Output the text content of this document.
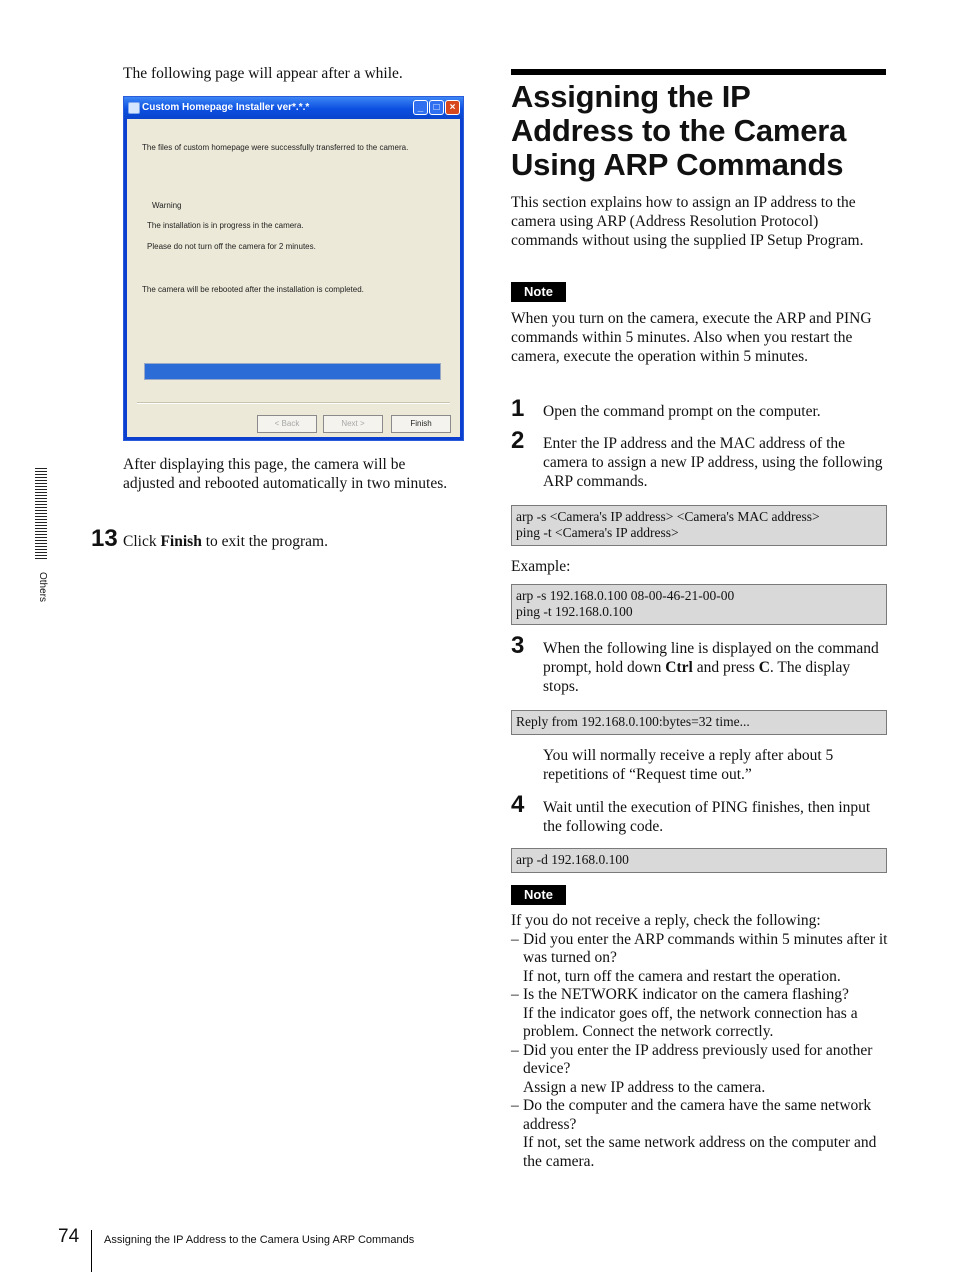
The following page will appear after a while.
Custom Homepage Installer ver*.*.*	_	□	×
The files of custom homepage were successfully transferred to the camera.
Warning
The installation is in progress in the camera.
Please do not turn off the camera for 2 minutes.
The camera will be rebooted after the installation is completed.
< Back	Next >	Finish
After displaying this page, the camera will be adjusted and rebooted automatically in two minutes.
13 Click Finish to exit the program.
Assigning the IP
Address to the Camera
Using ARP Commands
This section explains how to assign an IP address to the camera using ARP (Address Resolution Protocol) commands without using the supplied IP Setup Program.
Note
When you turn on the camera, execute the ARP and PING commands within 5 minutes. Also when you restart the camera, execute the operation within 5 minutes.
1 Open the command prompt on the computer.
2 Enter the IP address and the MAC address of the camera to assign a new IP address, using the following ARP commands.
arp -s <Camera's IP address> <Camera's MAC address>
ping -t <Camera's IP address>
Example:
arp -s 192.168.0.100 08-00-46-21-00-00
ping -t 192.168.0.100
3 When the following line is displayed on the command prompt, hold down Ctrl and press C. The display stops.
Reply from 192.168.0.100:bytes=32 time...
You will normally receive a reply after about 5 repetitions of “Request time out.”
4 Wait until the execution of PING finishes, then input the following code.
arp -d 192.168.0.100
Note
If you do not receive a reply, check the following:
– Did you enter the ARP commands within 5 minutes after it was turned on?
If not, turn off the camera and restart the operation.
– Is the NETWORK indicator on the camera flashing?
If the indicator goes off, the network connection has a problem. Connect the network correctly.
– Did you enter the IP address previously used for another device?
Assign a new IP address to the camera.
– Do the computer and the camera have the same network address?
If not, set the same network address on the computer and the camera.
Others
74 Assigning the IP Address to the Camera Using ARP Commands
